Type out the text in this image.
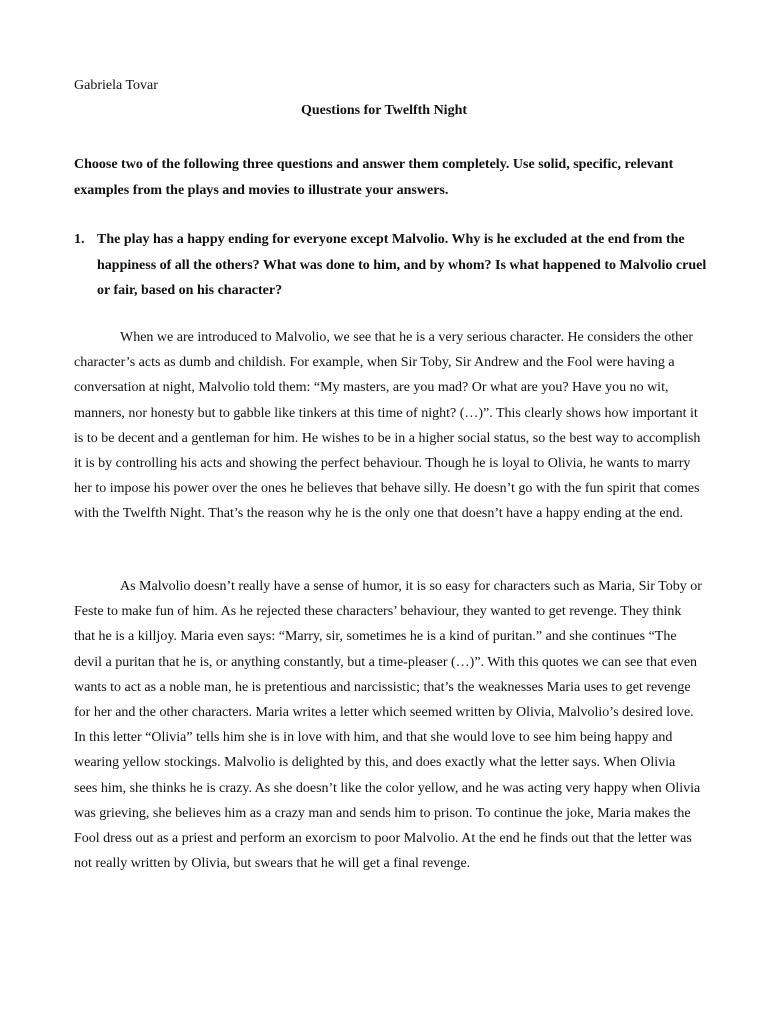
Gabriela Tovar
Questions for Twelfth Night
Choose two of the following three questions and answer them completely. Use solid, specific, relevant examples from the plays and movies to illustrate your answers.
1. The play has a happy ending for everyone except Malvolio. Why is he excluded at the end from the happiness of all the others? What was done to him, and by whom? Is what happened to Malvolio cruel or fair, based on his character?

When we are introduced to Malvolio, we see that he is a very serious character. He considers the other character’s acts as dumb and childish. For example, when Sir Toby, Sir Andrew and the Fool were having a conversation at night, Malvolio told them: “My masters, are you mad? Or what are you? Have you no wit, manners, nor honesty but to gabble like tinkers at this time of night? (…)”. This clearly shows how important it is to be decent and a gentleman for him. He wishes to be in a higher social status, so the best way to accomplish it is by controlling his acts and showing the perfect behaviour. Though he is loyal to Olivia, he wants to marry her to impose his power over the ones he believes that behave silly. He doesn’t go with the fun spirit that comes with the Twelfth Night. That’s the reason why he is the only one that doesn’t have a happy ending at the end.

As Malvolio doesn’t really have a sense of humor, it is so easy for characters such as Maria, Sir Toby or Feste to make fun of him. As he rejected these characters’ behaviour, they wanted to get revenge. They think that he is a killjoy. Maria even says: “Marry, sir, sometimes he is a kind of puritan.” and she continues “The devil a puritan that he is, or anything constantly, but a time-pleaser (…)”. With this quotes we can see that even wants to act as a noble man, he is pretentious and narcissistic; that’s the weaknesses Maria uses to get revenge for her and the other characters. Maria writes a letter which seemed written by Olivia, Malvolio’s desired love. In this letter “Olivia” tells him she is in love with him, and that she would love to see him being happy and wearing yellow stockings. Malvolio is delighted by this, and does exactly what the letter says. When Olivia sees him, she thinks he is crazy. As she doesn’t like the color yellow, and he was acting very happy when Olivia was grieving, she believes him as a crazy man and sends him to prison. To continue the joke, Maria makes the Fool dress out as a priest and perform an exorcism to poor Malvolio. At the end he finds out that the letter was not really written by Olivia, but swears that he will get a final revenge.
